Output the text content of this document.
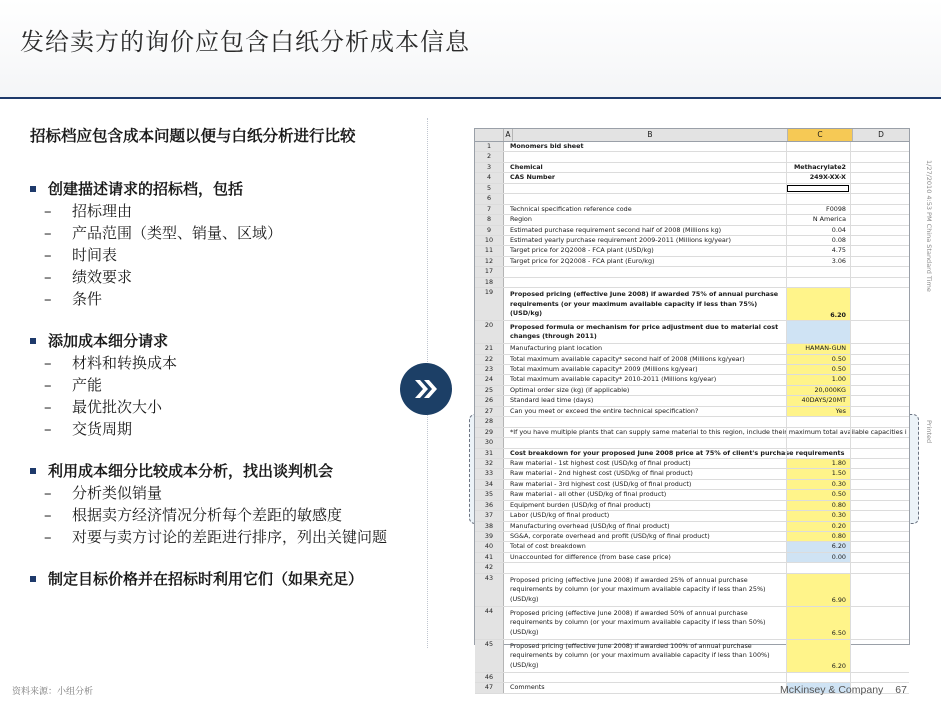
发给卖方的询价应包含白纸分析成本信息
招标档应包含成本问题以便与白纸分析进行比较
创建描述请求的招标档，包括
–	招标理由
–	产品范围（类型、销量、区域）
–	时间表
–	绩效要求
–	条件
添加成本细分请求
–	材料和转换成本
–	产能
–	最优批次大小
–	交货周期
利用成本细分比较成本分析，找出谈判机会
–	分析类似销量
–	根据卖方经济情况分析每个差距的敏感度
–	对要与卖方讨论的差距进行排序，列出关键问题
制定目标价格并在招标时利用它们（如果充足）
A	B	C	D
1	Monomers bid sheet
2
3	Chemical	Methacrylate2
4	CAS Number	249X-XX-X
5
6
7	Technical specification reference code	F0098
8	Region	N America
9	Estimated purchase requirement second half of 2008 (Millions kg)	0.04
10	Estimated yearly purchase requirement 2009-2011 (Millions kg/year)	0.08
11	Target price for 2Q2008 - FCA plant (USD/kg)	4.75
12	Target price for 2Q2008 - FCA plant (Euro/kg)	3.06
17
18
19	Proposed pricing (effective June 2008) if awarded 75% of annual purchase requirements (or your maximum available capacity if less than 75%) (USD/kg)	6.20
20	Proposed formula or mechanism for price adjustment due to material cost changes (through 2011)
21	Manufacturing plant location	HAMAN-GUN
22	Total maximum available capacity* second half of 2008 (Millions kg/year)	0.50
23	Total maximum available capacity* 2009 (Millions kg/year)	0.50
24	Total maximum available capacity* 2010-2011 (Millions kg/year)	1.00
25	Optimal order size (kg) (if applicable)	20,000KG
26	Standard lead time (days)	40DAYS/20MT
27	Can you meet or exceed the entire technical specification?	Yes
28
29	*If you have multiple plants that can supply same material to this region, include their maximum total available capacities i
30
31	Cost breakdown for your proposed June 2008 price at 75% of client's purchase requirements
32	Raw material - 1st highest cost (USD/kg of final product)	1.80
33	Raw material - 2nd highest cost (USD/kg of final product)	1.50
34	Raw material - 3rd highest cost (USD/kg of final product)	0.30
35	Raw material - all other (USD/kg of final product)	0.50
36	Equipment burden (USD/kg of final product)	0.80
37	Labor (USD/kg of final product)	0.30
38	Manufacturing overhead (USD/kg of final product)	0.20
39	SG&A, corporate overhead and profit (USD/kg of final product)	0.80
40	Total of cost breakdown	6.20
41	Unaccounted for difference (from base case price)	0.00
42
43	Proposed pricing (effective June 2008) if awarded 25% of annual purchase requirements by column (or your maximum available capacity if less than 25%) (USD/kg)	6.90
44	Proposed pricing (effective June 2008) if awarded 50% of annual purchase requirements by column (or your maximum available capacity if less than 50%) (USD/kg)	6.50
45	Proposed pricing (effective June 2008) if awarded 100% of annual purchase requirements by column (or your maximum available capacity if less than 100%) (USD/kg)	6.20
46
47	Comments
1/27/2010 4:53 PM China Standard Time
Printed
资料来源：小组分析	McKinsey & Company 67
